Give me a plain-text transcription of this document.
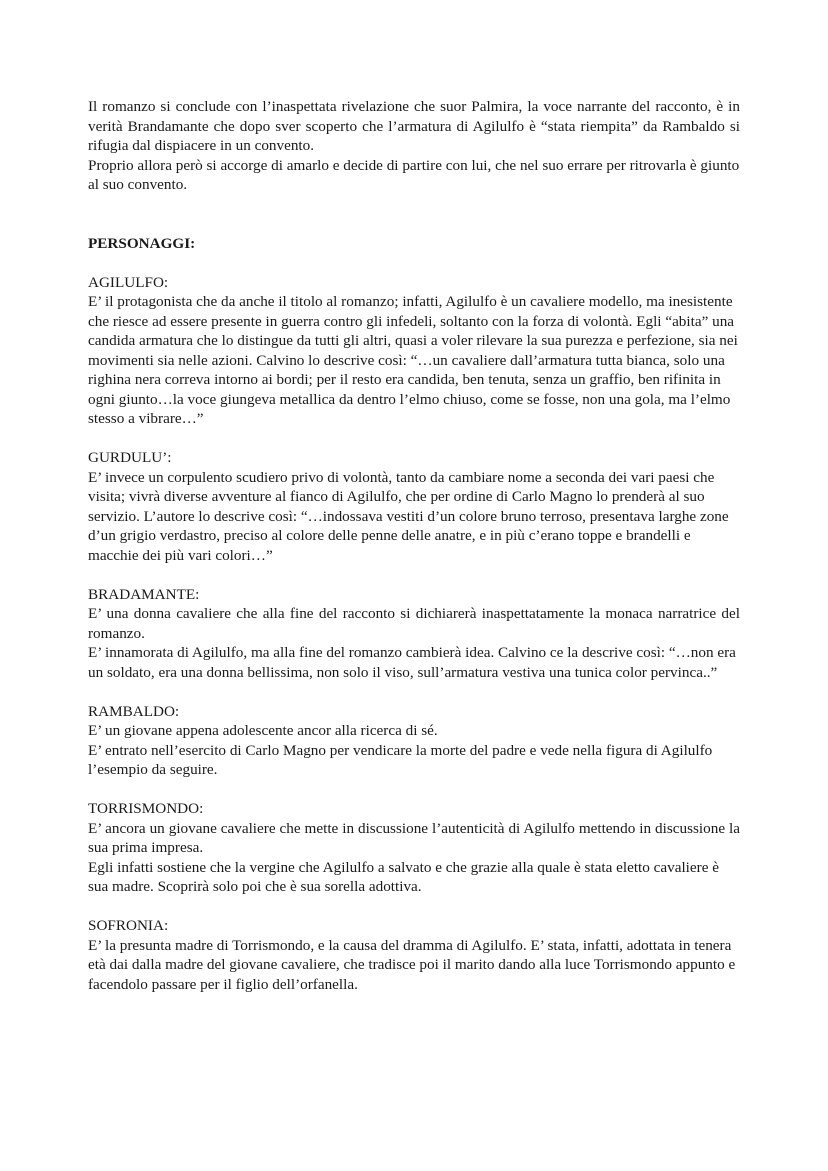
Il romanzo si conclude con l’inaspettata rivelazione che suor Palmira, la voce narrante del racconto, è in verità Brandamante che dopo sver scoperto che l’armatura di Agilulfo è “stata riempita” da Rambaldo si rifugia dal dispiacere in un convento.

Proprio allora però si accorge di amarlo e decide di partire con lui, che nel suo errare per ritrovarla è giunto al suo convento.

PERSONAGGI:

AGILULFO:

E’ il protagonista che da anche il titolo al romanzo; infatti, Agilulfo è un cavaliere modello, ma inesistente che riesce ad essere presente in guerra contro gli infedeli, soltanto con la forza di volontà. Egli “abita” una candida armatura che lo distingue da tutti gli altri, quasi a voler rilevare la sua purezza e perfezione, sia nei movimenti sia nelle azioni. Calvino lo descrive così: “…un cavaliere dall’armatura tutta bianca, solo una righina nera correva intorno ai bordi; per il resto era candida, ben tenuta, senza un graffio, ben rifinita in ogni giunto…la voce giungeva metallica da dentro l’elmo chiuso, come se fosse, non una gola, ma l’elmo stesso a vibrare…”

GURDULU’:

E’ invece un corpulento scudiero privo di volontà, tanto da cambiare nome a seconda dei vari paesi che visita; vivrà diverse avventure al fianco di Agilulfo, che per ordine di Carlo Magno lo prenderà al suo servizio. L’autore lo descrive così: “…indossava vestiti d’un colore bruno terroso, presentava larghe zone d’un grigio verdastro, preciso al colore delle penne delle anatre, e in più c’erano toppe e brandelli e macchie dei più vari colori…”

BRADAMANTE:

E’ una donna cavaliere che alla fine del racconto si dichiarerà inaspettatamente la monaca narratrice del romanzo.

E’ innamorata di Agilulfo, ma alla fine del romanzo cambierà idea. Calvino ce la descrive così: “…non era un soldato, era una donna bellissima, non solo il viso, sull’armatura vestiva una tunica color pervinca..”

RAMBALDO:

E’ un giovane appena adolescente ancor alla ricerca di sé.

E’ entrato nell’esercito di Carlo Magno per vendicare la morte del padre e vede nella figura di Agilulfo l’esempio da seguire.

TORRISMONDO:

E’ ancora un giovane cavaliere che mette in discussione l’autenticità di Agilulfo mettendo in discussione la sua prima impresa.

Egli infatti sostiene che la vergine che Agilulfo a salvato e che grazie alla quale è stata eletto cavaliere è sua madre. Scoprirà solo poi che è sua sorella adottiva.

SOFRONIA:

E’ la presunta madre di Torrismondo, e la causa del dramma di Agilulfo. E’ stata, infatti, adottata in tenera età dai dalla madre del giovane cavaliere, che tradisce poi il marito dando alla luce Torrismondo appunto e facendolo passare per il figlio dell’orfanella.
